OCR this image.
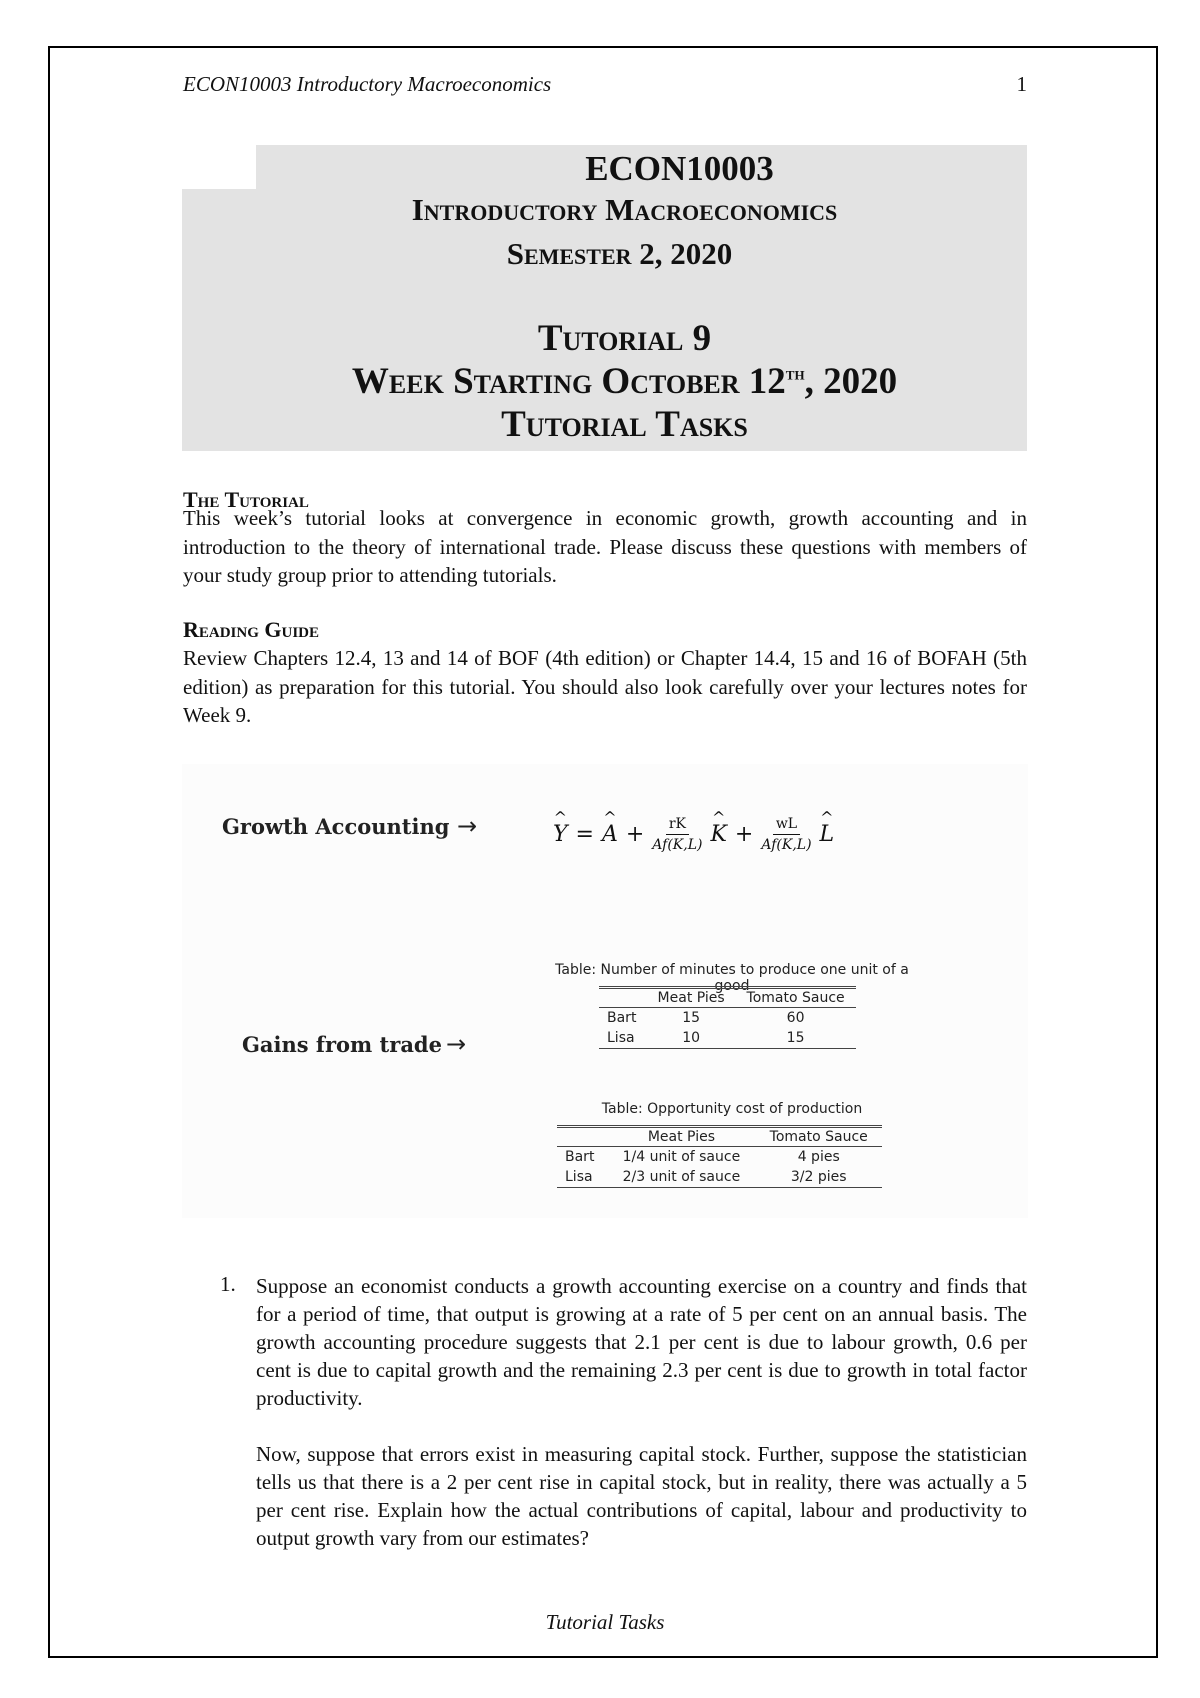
ECON10003 Introductory Macroeconomics	1
ECON10003
Introductory Macroeconomics
Semester 2, 2020
Tutorial 9
Week Starting October 12th, 2020
Tutorial Tasks
The Tutorial
This week’s tutorial looks at convergence in economic growth, growth accounting and in introduction to the theory of international trade. Please discuss these questions with members of your study group prior to attending tutorials.
Reading Guide
Review Chapters 12.4, 13 and 14 of BOF (4th edition) or Chapter 14.4, 15 and 16 of BOFAH (5th edition) as preparation for this tutorial. You should also look carefully over your lectures notes for Week 9.
Growth Accounting →	^ Y = ^ $A + \frac{rK}{Af(K,L)}$ ^ $K + \frac{wL}{Af(K,L)}$ ^ L
Gains from trade →
Table: Number of minutes to produce one unit of a good
	Meat Pies	Tomato Sauce
Bart	15	60
Lisa	10	15
Table: Opportunity cost of production
	Meat Pies	Tomato Sauce
Bart	1/4 unit of sauce	4 pies
Lisa	2/3 unit of sauce	3/2 pies
1. Suppose an economist conducts a growth accounting exercise on a country and finds that for a period of time, that output is growing at a rate of 5 per cent on an annual basis. The growth accounting procedure suggests that 2.1 per cent is due to labour growth, 0.6 per cent is due to capital growth and the remaining 2.3 per cent is due to growth in total factor productivity.
Now, suppose that errors exist in measuring capital stock. Further, suppose the statistician tells us that there is a 2 per cent rise in capital stock, but in reality, there was actually a 5 per cent rise. Explain how the actual contributions of capital, labour and productivity to output growth vary from our estimates?
Tutorial Tasks
